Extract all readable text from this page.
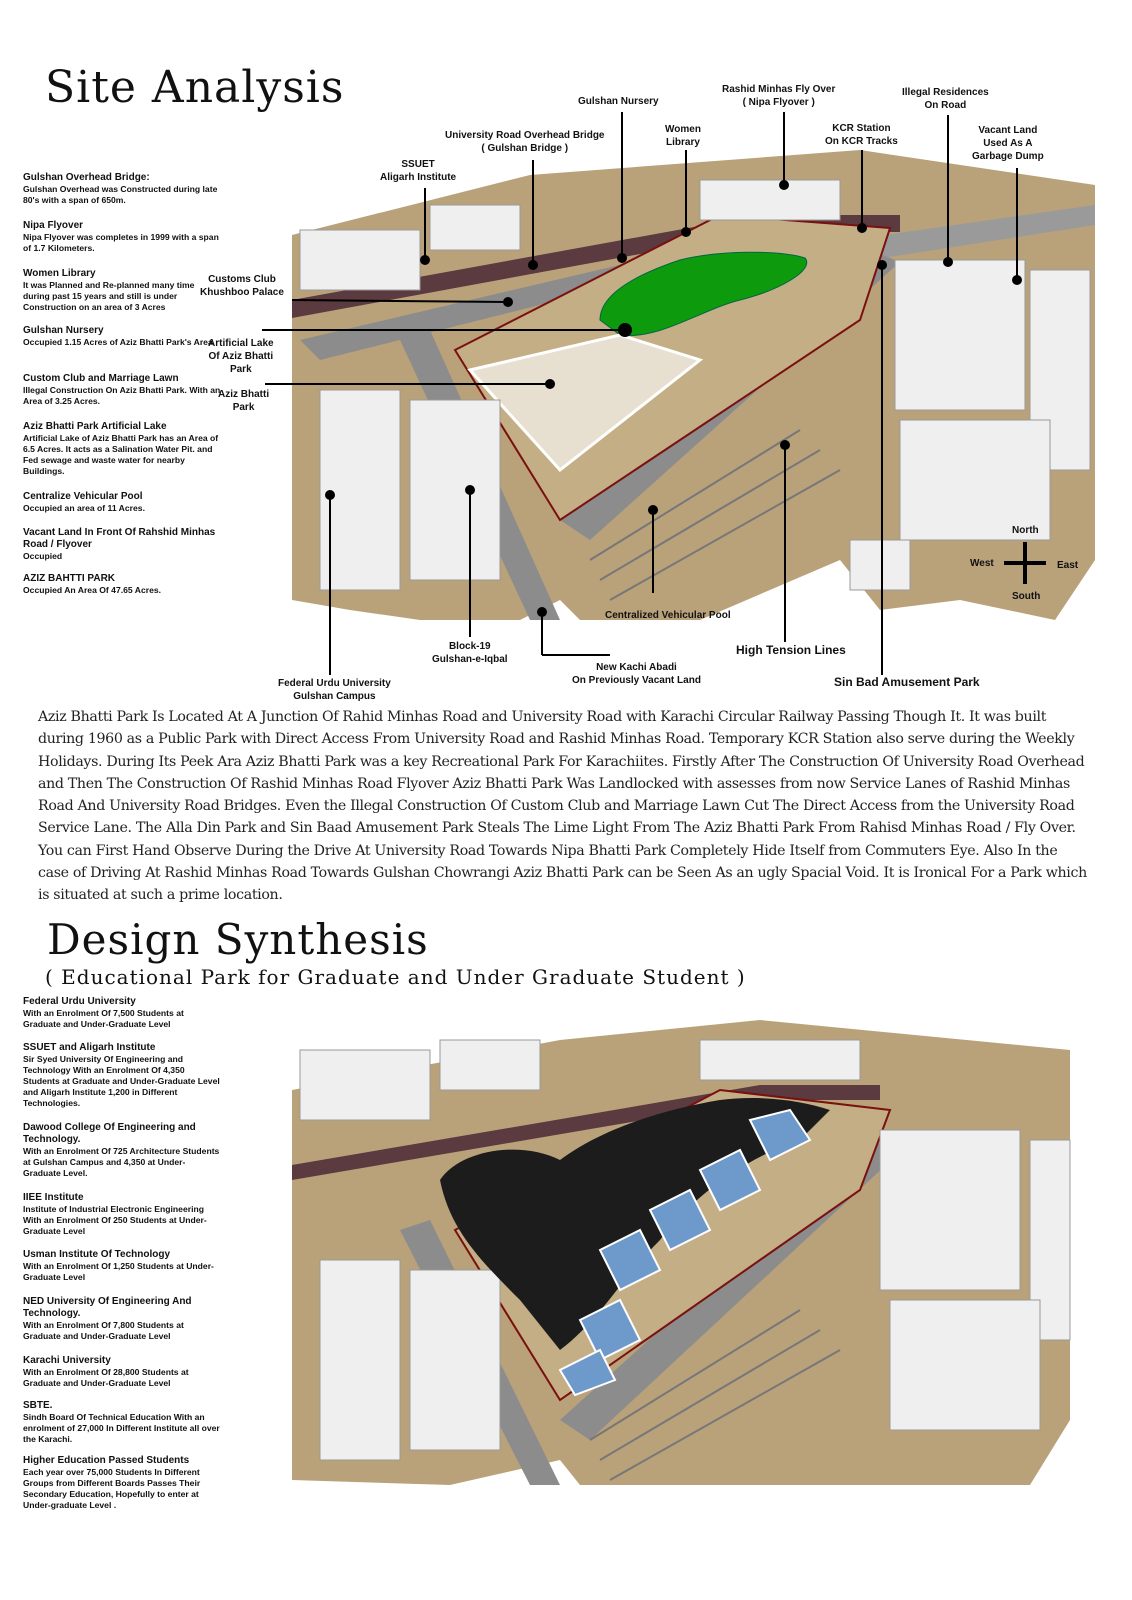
Site Analysis
Gulshan Overhead Bridge:
Gulshan Overhead was Constructed during late 80's with a span of 650m.
Nipa Flyover
Nipa Flyover was completes in 1999 with a span of 1.7 Kilometers.
Women Library
It was Planned and Re-planned many time during past 15 years and still is under Construction on an area of 3 Acres
Gulshan Nursery
Occupied 1.15 Acres of Aziz Bhatti Park's Area
Custom Club and Marriage Lawn
Illegal Construction On Aziz Bhatti Park. With an Area of 3.25 Acres.
Aziz Bhatti Park Artificial Lake
Artificial Lake of Aziz Bhatti Park has an Area of 6.5 Acres. It acts as a Salination Water Pit. and Fed sewage and waste water for nearby Buildings.
Centralize Vehicular Pool
Occupied an area of 11 Acres.
Vacant Land In Front Of Rahshid Minhas Road / Flyover
Occupied
AZIZ BAHTTI PARK
Occupied An Area Of 47.65 Acres.
SSUET
Aligarh Institute
University Road Overhead Bridge
( Gulshan Bridge )
Gulshan Nursery
Women
Library
Rashid Minhas Fly Over
( Nipa Flyover )
KCR Station
On KCR Tracks
Illegal Residences
On Road
Vacant Land
Used As A
Garbage Dump
Customs Club
Khushboo Palace
Artificial Lake
Of Aziz Bhatti
Park
Aziz Bhatti
Park
Federal Urdu University
Gulshan Campus
Block-19
Gulshan-e-Iqbal
New Kachi Abadi
On Previously Vacant Land
Centralized Vehicular Pool
High Tension Lines
Sin Bad Amusement Park
North
South
East
West
Aziz Bhatti Park Is Located At A Junction Of Rahid Minhas Road and University Road with Karachi Circular Railway Passing Though It. It was built during 1960 as a Public Park with Direct Access From University Road and Rashid Minhas Road. Temporary KCR Station also serve during the Weekly Holidays. During Its Peek Ara Aziz Bhatti Park was a key Recreational Park For Karachiites. Firstly After The Construction Of University Road Overhead and Then The Construction Of Rashid Minhas Road Flyover Aziz Bhatti Park Was Landlocked with assesses from now Service Lanes of Rashid Minhas Road And University Road Bridges. Even the Illegal Construction Of Custom Club and Marriage Lawn Cut The Direct Access from the University Road Service Lane. The Alla Din Park and Sin Baad Amusement Park Steals The Lime Light From The Aziz Bhatti Park From Rahisd Minhas Road / Fly Over. You can First Hand Observe During the Drive At University Road Towards Nipa Bhatti Park Completely Hide Itself from Commuters Eye. Also In the case of Driving At Rashid Minhas Road Towards Gulshan Chowrangi Aziz Bhatti Park can be Seen As an ugly Spacial Void. It is Ironical For a Park which is situated at such a prime location.
Design Synthesis
( Educational Park for Graduate and Under Graduate Student )
Federal Urdu University
With an Enrolment Of 7,500 Students at Graduate and Under-Graduate Level
SSUET and Aligarh Institute
Sir Syed University Of Engineering and Technology With an Enrolment Of 4,350 Students at Graduate and Under-Graduate Level and Aligarh Institute 1,200 in Different Technologies.
Dawood College Of Engineering and Technology.
With an Enrolment Of 725 Architecture Students at Gulshan Campus and 4,350 at Under-Graduate Level.
IIEE Institute
Institute of Industrial Electronic Engineering With an Enrolment Of 250 Students at Under-Graduate Level
Usman Institute Of Technology
With an Enrolment Of 1,250 Students at Under-Graduate Level
NED University Of Engineering And Technology.
With an Enrolment Of 7,800 Students at Graduate and Under-Graduate Level
Karachi University
With an Enrolment Of 28,800 Students at Graduate and Under-Graduate Level
SBTE.
Sindh Board Of Technical Education With an enrolment of 27,000 In Different Institute all over the Karachi.
Higher Education Passed Students
Each year over 75,000 Students In Different Groups from Different Boards Passes Their Secondary Education, Hopefully to enter at Under-graduate Level .
